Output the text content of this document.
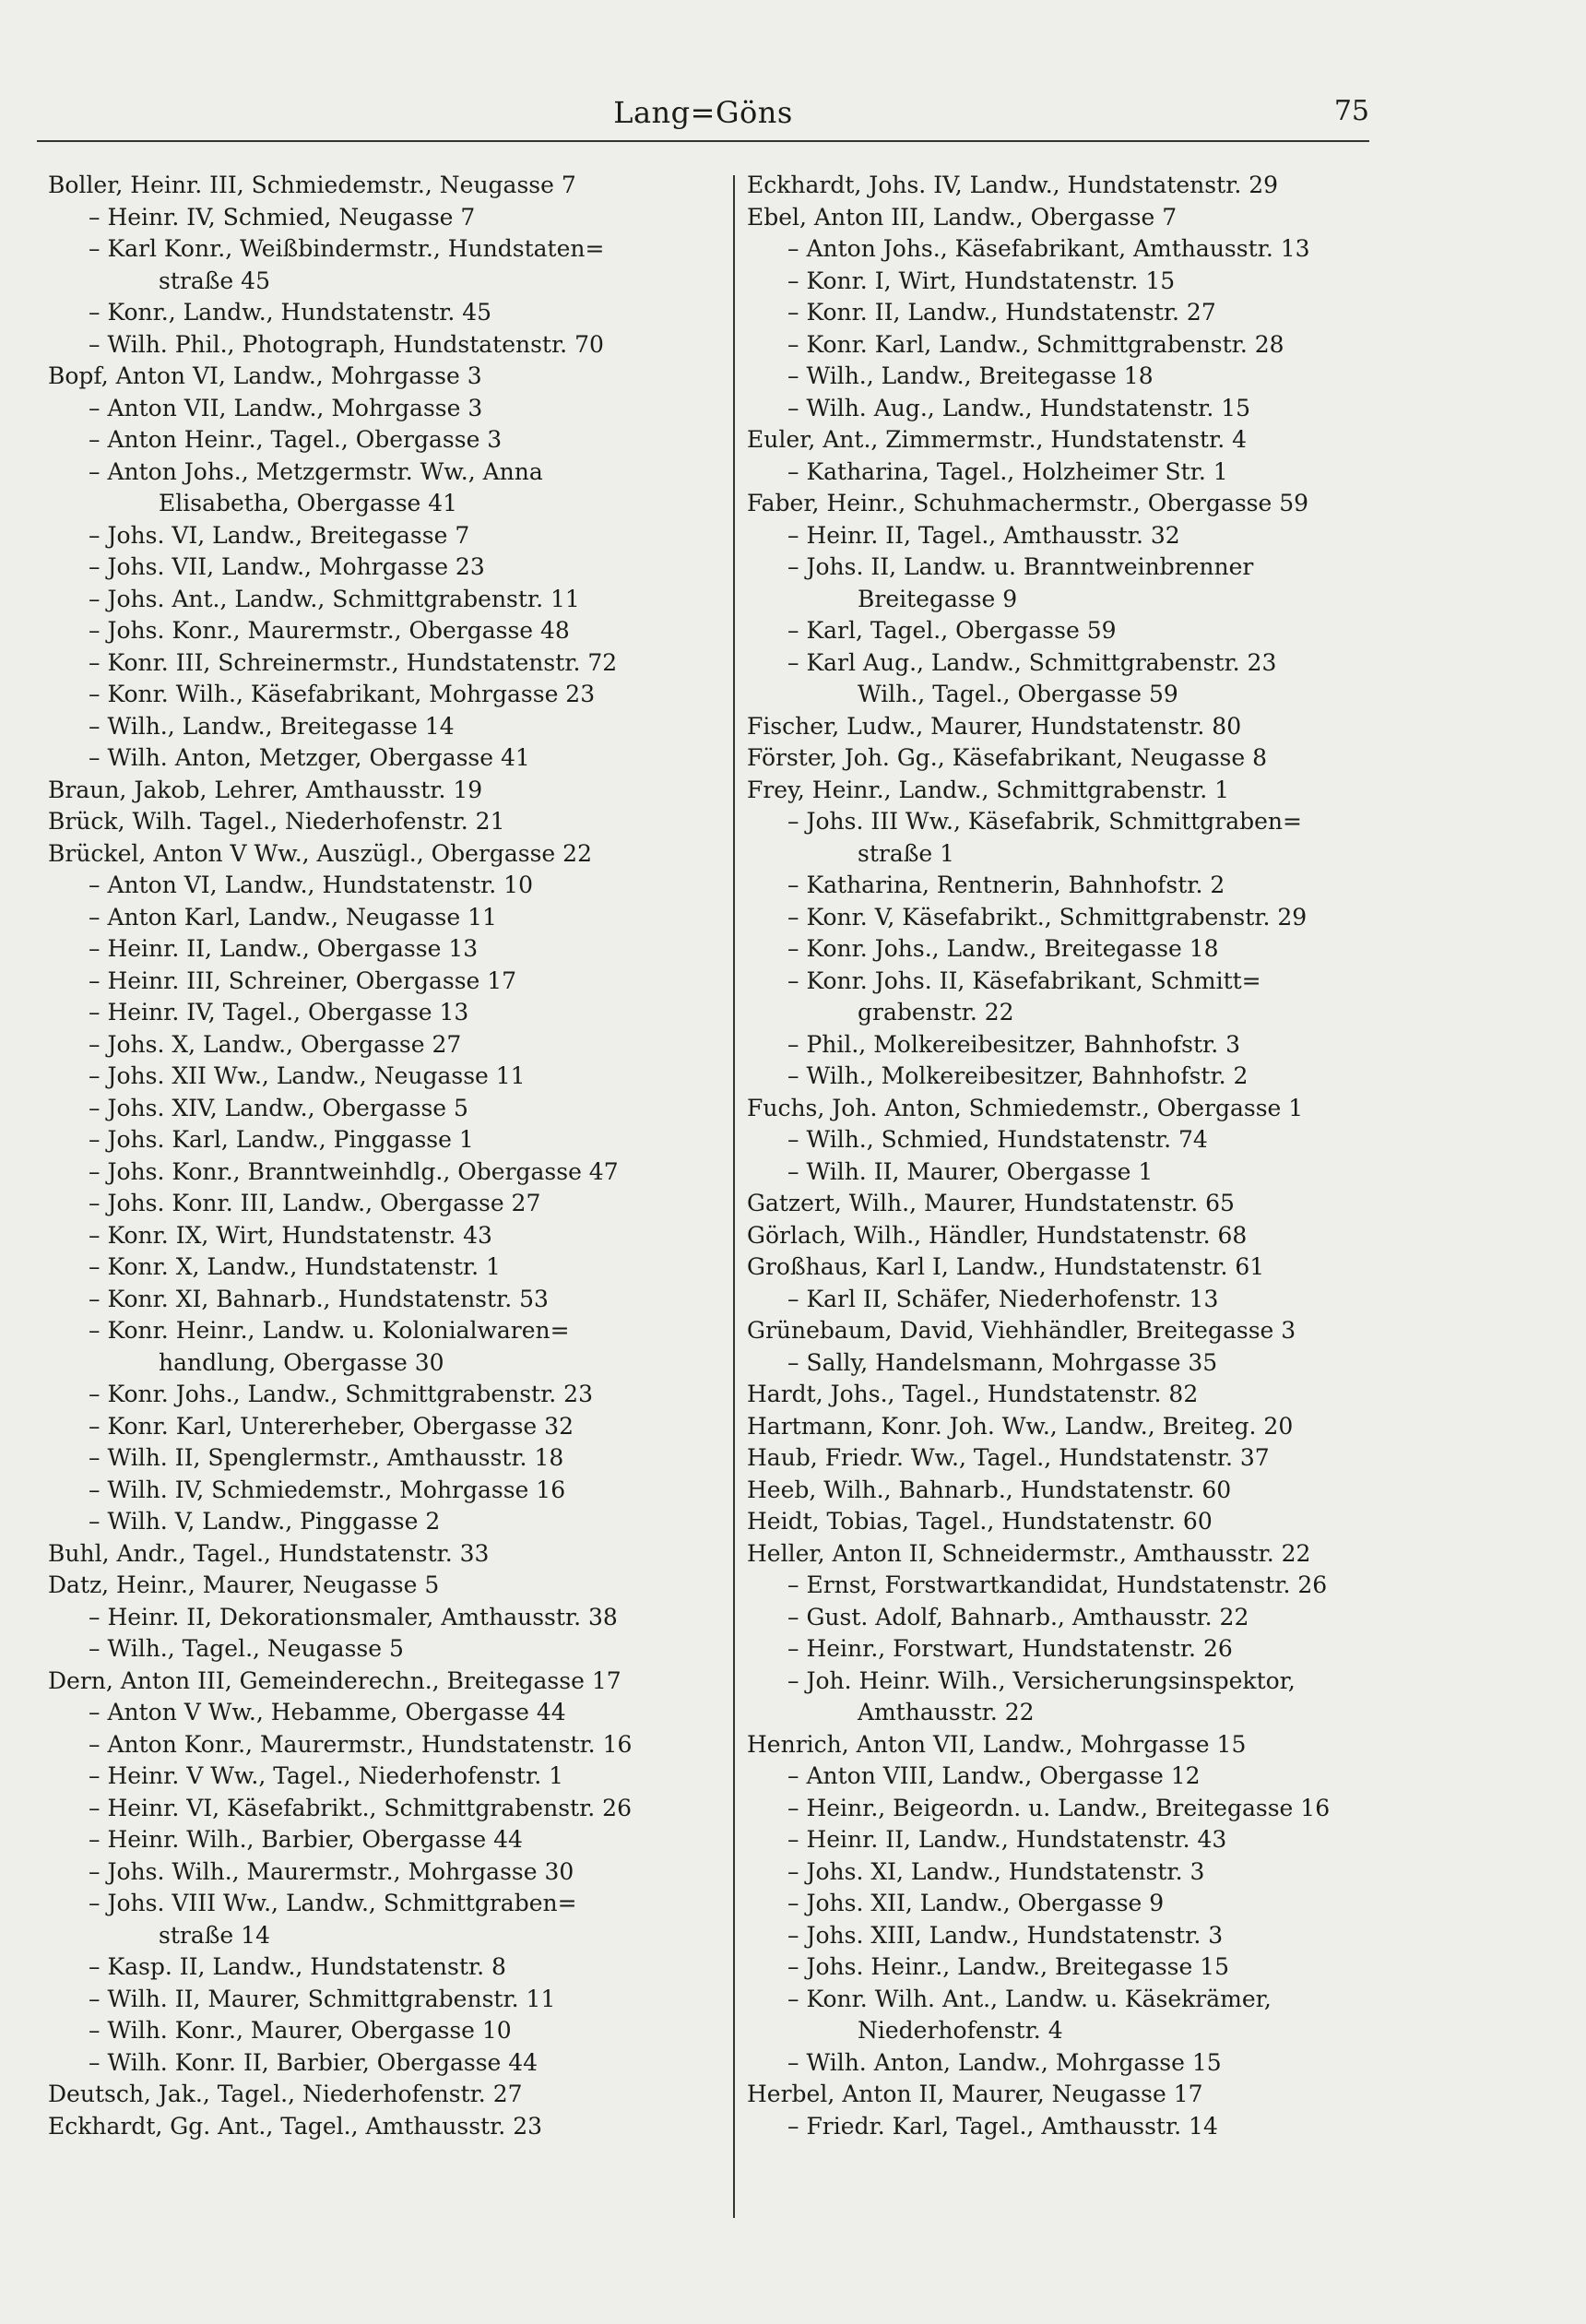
Lang=Göns	75
Boller, Heinr. III, Schmiedemstr., Neugasse 7
– Heinr. IV, Schmied, Neugasse 7
– Karl Konr., Weißbindermstr., Hundstaten=
straße 45
– Konr., Landw., Hundstatenstr. 45
– Wilh. Phil., Photograph, Hundstatenstr. 70
Bopf, Anton VI, Landw., Mohrgasse 3
– Anton VII, Landw., Mohrgasse 3
– Anton Heinr., Tagel., Obergasse 3
– Anton Johs., Metzgermstr. Ww., Anna
Elisabetha, Obergasse 41
– Johs. VI, Landw., Breitegasse 7
– Johs. VII, Landw., Mohrgasse 23
– Johs. Ant., Landw., Schmittgrabenstr. 11
– Johs. Konr., Maurermstr., Obergasse 48
– Konr. III, Schreinermstr., Hundstatenstr. 72
– Konr. Wilh., Käsefabrikant, Mohrgasse 23
– Wilh., Landw., Breitegasse 14
– Wilh. Anton, Metzger, Obergasse 41
Braun, Jakob, Lehrer, Amthausstr. 19
Brück, Wilh. Tagel., Niederhofenstr. 21
Brückel, Anton V Ww., Auszügl., Obergasse 22
– Anton VI, Landw., Hundstatenstr. 10
– Anton Karl, Landw., Neugasse 11
– Heinr. II, Landw., Obergasse 13
– Heinr. III, Schreiner, Obergasse 17
– Heinr. IV, Tagel., Obergasse 13
– Johs. X, Landw., Obergasse 27
– Johs. XII Ww., Landw., Neugasse 11
– Johs. XIV, Landw., Obergasse 5
– Johs. Karl, Landw., Pinggasse 1
– Johs. Konr., Branntweinhdlg., Obergasse 47
– Johs. Konr. III, Landw., Obergasse 27
– Konr. IX, Wirt, Hundstatenstr. 43
– Konr. X, Landw., Hundstatenstr. 1
– Konr. XI, Bahnarb., Hundstatenstr. 53
– Konr. Heinr., Landw. u. Kolonialwaren=
handlung, Obergasse 30
– Konr. Johs., Landw., Schmittgrabenstr. 23
– Konr. Karl, Untererheber, Obergasse 32
– Wilh. II, Spenglermstr., Amthausstr. 18
– Wilh. IV, Schmiedemstr., Mohrgasse 16
– Wilh. V, Landw., Pinggasse 2
Buhl, Andr., Tagel., Hundstatenstr. 33
Datz, Heinr., Maurer, Neugasse 5
– Heinr. II, Dekorationsmaler, Amthausstr. 38
– Wilh., Tagel., Neugasse 5
Dern, Anton III, Gemeinderechn., Breitegasse 17
– Anton V Ww., Hebamme, Obergasse 44
– Anton Konr., Maurermstr., Hundstatenstr. 16
– Heinr. V Ww., Tagel., Niederhofenstr. 1
– Heinr. VI, Käsefabrikt., Schmittgrabenstr. 26
– Heinr. Wilh., Barbier, Obergasse 44
– Johs. Wilh., Maurermstr., Mohrgasse 30
– Johs. VIII Ww., Landw., Schmittgraben=
straße 14
– Kasp. II, Landw., Hundstatenstr. 8
– Wilh. II, Maurer, Schmittgrabenstr. 11
– Wilh. Konr., Maurer, Obergasse 10
– Wilh. Konr. II, Barbier, Obergasse 44
Deutsch, Jak., Tagel., Niederhofenstr. 27
Eckhardt, Gg. Ant., Tagel., Amthausstr. 23
Eckhardt, Johs. IV, Landw., Hundstatenstr. 29
Ebel, Anton III, Landw., Obergasse 7
– Anton Johs., Käsefabrikant, Amthausstr. 13
– Konr. I, Wirt, Hundstatenstr. 15
– Konr. II, Landw., Hundstatenstr. 27
– Konr. Karl, Landw., Schmittgrabenstr. 28
– Wilh., Landw., Breitegasse 18
– Wilh. Aug., Landw., Hundstatenstr. 15
Euler, Ant., Zimmermstr., Hundstatenstr. 4
– Katharina, Tagel., Holzheimer Str. 1
Faber, Heinr., Schuhmachermstr., Obergasse 59
– Heinr. II, Tagel., Amthausstr. 32
– Johs. II, Landw. u. Branntweinbrenner
Breitegasse 9
– Karl, Tagel., Obergasse 59
– Karl Aug., Landw., Schmittgrabenstr. 23
Wilh., Tagel., Obergasse 59
Fischer, Ludw., Maurer, Hundstatenstr. 80
Förster, Joh. Gg., Käsefabrikant, Neugasse 8
Frey, Heinr., Landw., Schmittgrabenstr. 1
– Johs. III Ww., Käsefabrik, Schmittgraben=
straße 1
– Katharina, Rentnerin, Bahnhofstr. 2
– Konr. V, Käsefabrikt., Schmittgrabenstr. 29
– Konr. Johs., Landw., Breitegasse 18
– Konr. Johs. II, Käsefabrikant, Schmitt=
grabenstr. 22
– Phil., Molkereibesitzer, Bahnhofstr. 3
– Wilh., Molkereibesitzer, Bahnhofstr. 2
Fuchs, Joh. Anton, Schmiedemstr., Obergasse 1
– Wilh., Schmied, Hundstatenstr. 74
– Wilh. II, Maurer, Obergasse 1
Gatzert, Wilh., Maurer, Hundstatenstr. 65
Görlach, Wilh., Händler, Hundstatenstr. 68
Großhaus, Karl I, Landw., Hundstatenstr. 61
– Karl II, Schäfer, Niederhofenstr. 13
Grünebaum, David, Viehhändler, Breitegasse 3
– Sally, Handelsmann, Mohrgasse 35
Hardt, Johs., Tagel., Hundstatenstr. 82
Hartmann, Konr. Joh. Ww., Landw., Breiteg. 20
Haub, Friedr. Ww., Tagel., Hundstatenstr. 37
Heeb, Wilh., Bahnarb., Hundstatenstr. 60
Heidt, Tobias, Tagel., Hundstatenstr. 60
Heller, Anton II, Schneidermstr., Amthausstr. 22
– Ernst, Forstwartkandidat, Hundstatenstr. 26
– Gust. Adolf, Bahnarb., Amthausstr. 22
– Heinr., Forstwart, Hundstatenstr. 26
– Joh. Heinr. Wilh., Versicherungsinspektor,
Amthausstr. 22
Henrich, Anton VII, Landw., Mohrgasse 15
– Anton VIII, Landw., Obergasse 12
– Heinr., Beigeordn. u. Landw., Breitegasse 16
– Heinr. II, Landw., Hundstatenstr. 43
– Johs. XI, Landw., Hundstatenstr. 3
– Johs. XII, Landw., Obergasse 9
– Johs. XIII, Landw., Hundstatenstr. 3
– Johs. Heinr., Landw., Breitegasse 15
– Konr. Wilh. Ant., Landw. u. Käsekrämer,
Niederhofenstr. 4
– Wilh. Anton, Landw., Mohrgasse 15
Herbel, Anton II, Maurer, Neugasse 17
– Friedr. Karl, Tagel., Amthausstr. 14
